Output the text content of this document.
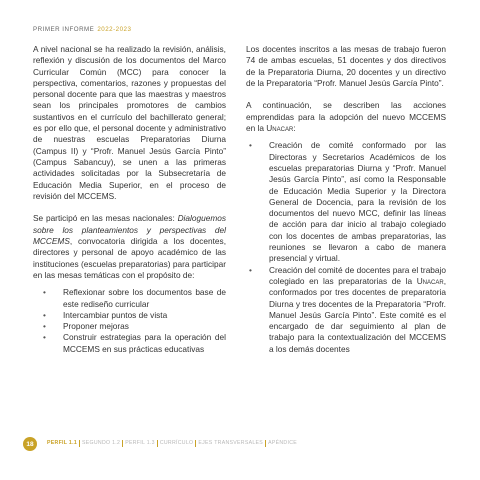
PRIMER INFORME 2022-2023

A nivel nacional se ha realizado la revisión, análisis, reflexión y discusión de los documentos del Marco Curricular Común (MCC) para conocer la perspectiva, comentarios, razones y propuestas del personal docente para que las maestras y maestros sean los principales promotores de cambios sustantivos en el currículo del bachillerato general; es por ello que, el personal docente y administrativo de nuestras escuelas Preparatorias Diurna (Campus II) y “Profr. Manuel Jesús García Pinto” (Campus Sabancuy), se unen a las primeras actividades solicitadas por la Subsecretaría de Educación Media Superior, en el proceso de revisión del MCCEMS.

Se participó en las mesas nacionales: Dialoguemos sobre los planteamientos y perspectivas del MCCEMS, convocatoria dirigida a los docentes, directores y personal de apoyo académico de las instituciones (escuelas preparatorias) para participar en las mesas temáticas con el propósito de:

• Reflexionar sobre los documentos base de este rediseño curricular
• Intercambiar puntos de vista
• Proponer mejoras
• Construir estrategias para la operación del MCCEMS en sus prácticas educativas

Los docentes inscritos a las mesas de trabajo fueron 74 de ambas escuelas, 51 docentes y dos directivos de la Preparatoria Diurna, 20 docentes y un directivo de la Preparatoria “Profr. Manuel Jesús García Pinto”.

A continuación, se describen las acciones emprendidas para la adopción del nuevo MCCEMS en la Unacar:

• Creación de comité conformado por las Directoras y Secretarios Académicos de los escuelas preparatorias Diurna y “Profr. Manuel Jesús García Pinto”, así como la Responsable de Educación Media Superior y la Directora General de Docencia, para la revisión de los documentos del nuevo MCC, definir las líneas de acción para dar inicio al trabajo colegiado con los docentes de ambas preparatorias, las reuniones se llevaron a cabo de manera presencial y virtual.
• Creación del comité de docentes para el trabajo colegiado en las preparatorias de la Unacar, conformados por tres docentes de preparatoria Diurna y tres docentes de la Preparatoria “Profr. Manuel Jesús García Pinto”. Este comité es el encargado de dar seguimiento al plan de trabajo para la contextualización del MCCEMS a los demás docentes
18	PERFIL 1.1 SEGUNDO 1.2 PERFIL 1.3 CURRÍCULO EJES TRANSVERSALES APÉNDICE
